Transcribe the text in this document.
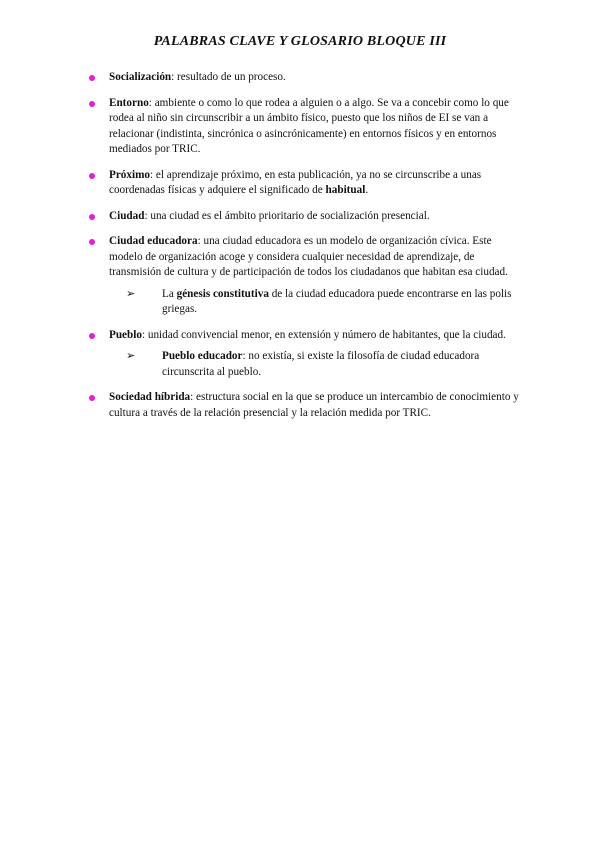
PALABRAS CLAVE Y GLOSARIO BLOQUE III
Socialización: resultado de un proceso.
Entorno: ambiente o como lo que rodea a alguien o a algo. Se va a concebir como lo que rodea al niño sin circunscribir a un ámbito físico, puesto que los niños de EI se van a relacionar (indistinta, sincrónica o asincrónicamente) en entornos físicos y en entornos mediados por TRIC.
Próximo: el aprendizaje próximo, en esta publicación, ya no se circunscribe a unas coordenadas físicas y adquiere el significado de habitual.
Ciudad: una ciudad es el ámbito prioritario de socialización presencial.
Ciudad educadora: una ciudad educadora es un modelo de organización cívica. Este modelo de organización acoge y considera cualquier necesidad de aprendizaje, de transmisión de cultura y de participación de todos los ciudadanos que habitan esa ciudad.
➢ La génesis constitutiva de la ciudad educadora puede encontrarse en las polis griegas.
Pueblo: unidad convivencial menor, en extensión y número de habitantes, que la ciudad.
➢ Pueblo educador: no existía, si existe la filosofía de ciudad educadora circunscrita al pueblo.
Sociedad híbrida: estructura social en la que se produce un intercambio de conocimiento y cultura a través de la relación presencial y la relación medida por TRIC.
